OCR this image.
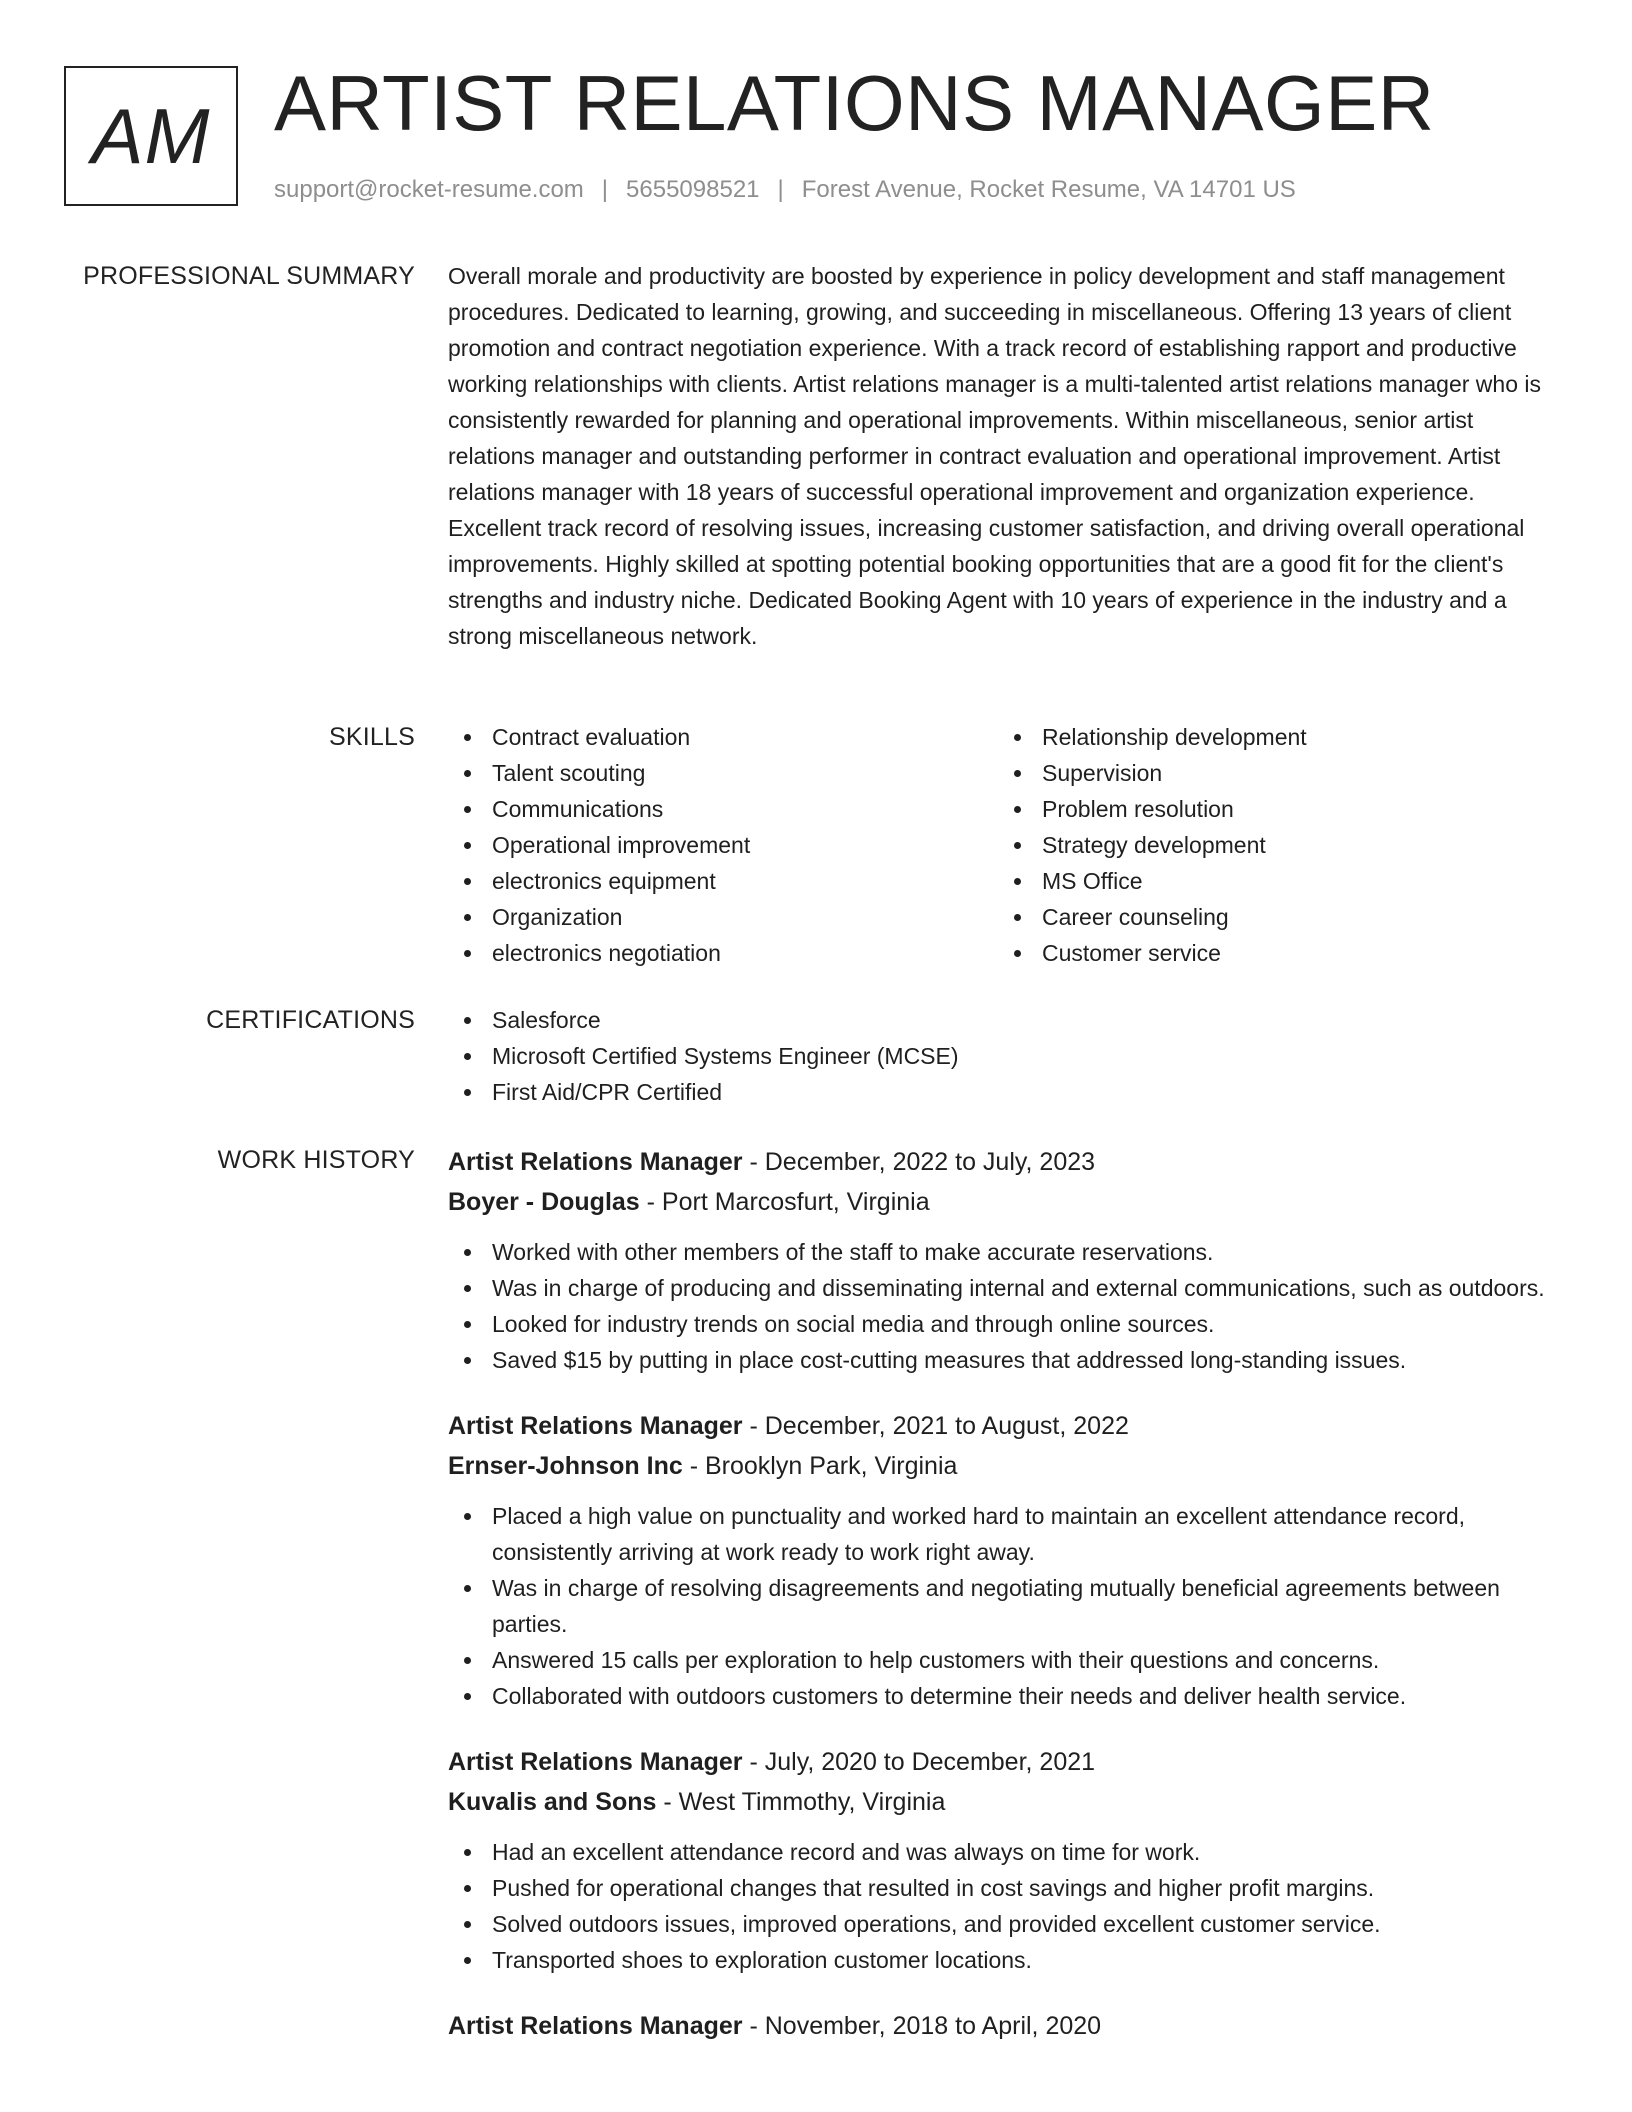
AM ARTIST RELATIONS MANAGER
support@rocket-resume.com | 5655098521 | Forest Avenue, Rocket Resume, VA 14701 US
PROFESSIONAL SUMMARY Overall morale and productivity are boosted by experience in policy development and staff management procedures. Dedicated to learning, growing, and succeeding in miscellaneous. Offering 13 years of client promotion and contract negotiation experience. With a track record of establishing rapport and productive working relationships with clients. Artist relations manager is a multi-talented artist relations manager who is consistently rewarded for planning and operational improvements. Within miscellaneous, senior artist relations manager and outstanding performer in contract evaluation and operational improvement. Artist relations manager with 18 years of successful operational improvement and organization experience. Excellent track record of resolving issues, increasing customer satisfaction, and driving overall operational improvements. Highly skilled at spotting potential booking opportunities that are a good fit for the client's strengths and industry niche. Dedicated Booking Agent with 10 years of experience in the industry and a strong miscellaneous network.

SKILLS	Contract evaluation
Talent scouting
Communications
Operational improvement
electronics equipment
Organization
electronics negotiation
Relationship development
Supervision
Problem resolution
Strategy development
MS Office
Career counseling
Customer service
CERTIFICATIONS	Salesforce
Microsoft Certified Systems Engineer (MCSE)
First Aid/CPR Certified
WORK HISTORY Artist Relations Manager - December, 2022 to July, 2023
Boyer - Douglas - Port Marcosfurt, Virginia
Worked with other members of the staff to make accurate reservations.
Was in charge of producing and disseminating internal and external communications, such as outdoors.
Looked for industry trends on social media and through online sources.
Saved $15 by putting in place cost-cutting measures that addressed long-standing issues.
Artist Relations Manager - December, 2021 to August, 2022
Ernser-Johnson Inc - Brooklyn Park, Virginia
Placed a high value on punctuality and worked hard to maintain an excellent attendance record, consistently arriving at work ready to work right away.
Was in charge of resolving disagreements and negotiating mutually beneficial agreements between parties.
Answered 15 calls per exploration to help customers with their questions and concerns.
Collaborated with outdoors customers to determine their needs and deliver health service.
Artist Relations Manager - July, 2020 to December, 2021
Kuvalis and Sons - West Timmothy, Virginia
Had an excellent attendance record and was always on time for work.
Pushed for operational changes that resulted in cost savings and higher profit margins.
Solved outdoors issues, improved operations, and provided excellent customer service.
Transported shoes to exploration customer locations.
Artist Relations Manager - November, 2018 to April, 2020
